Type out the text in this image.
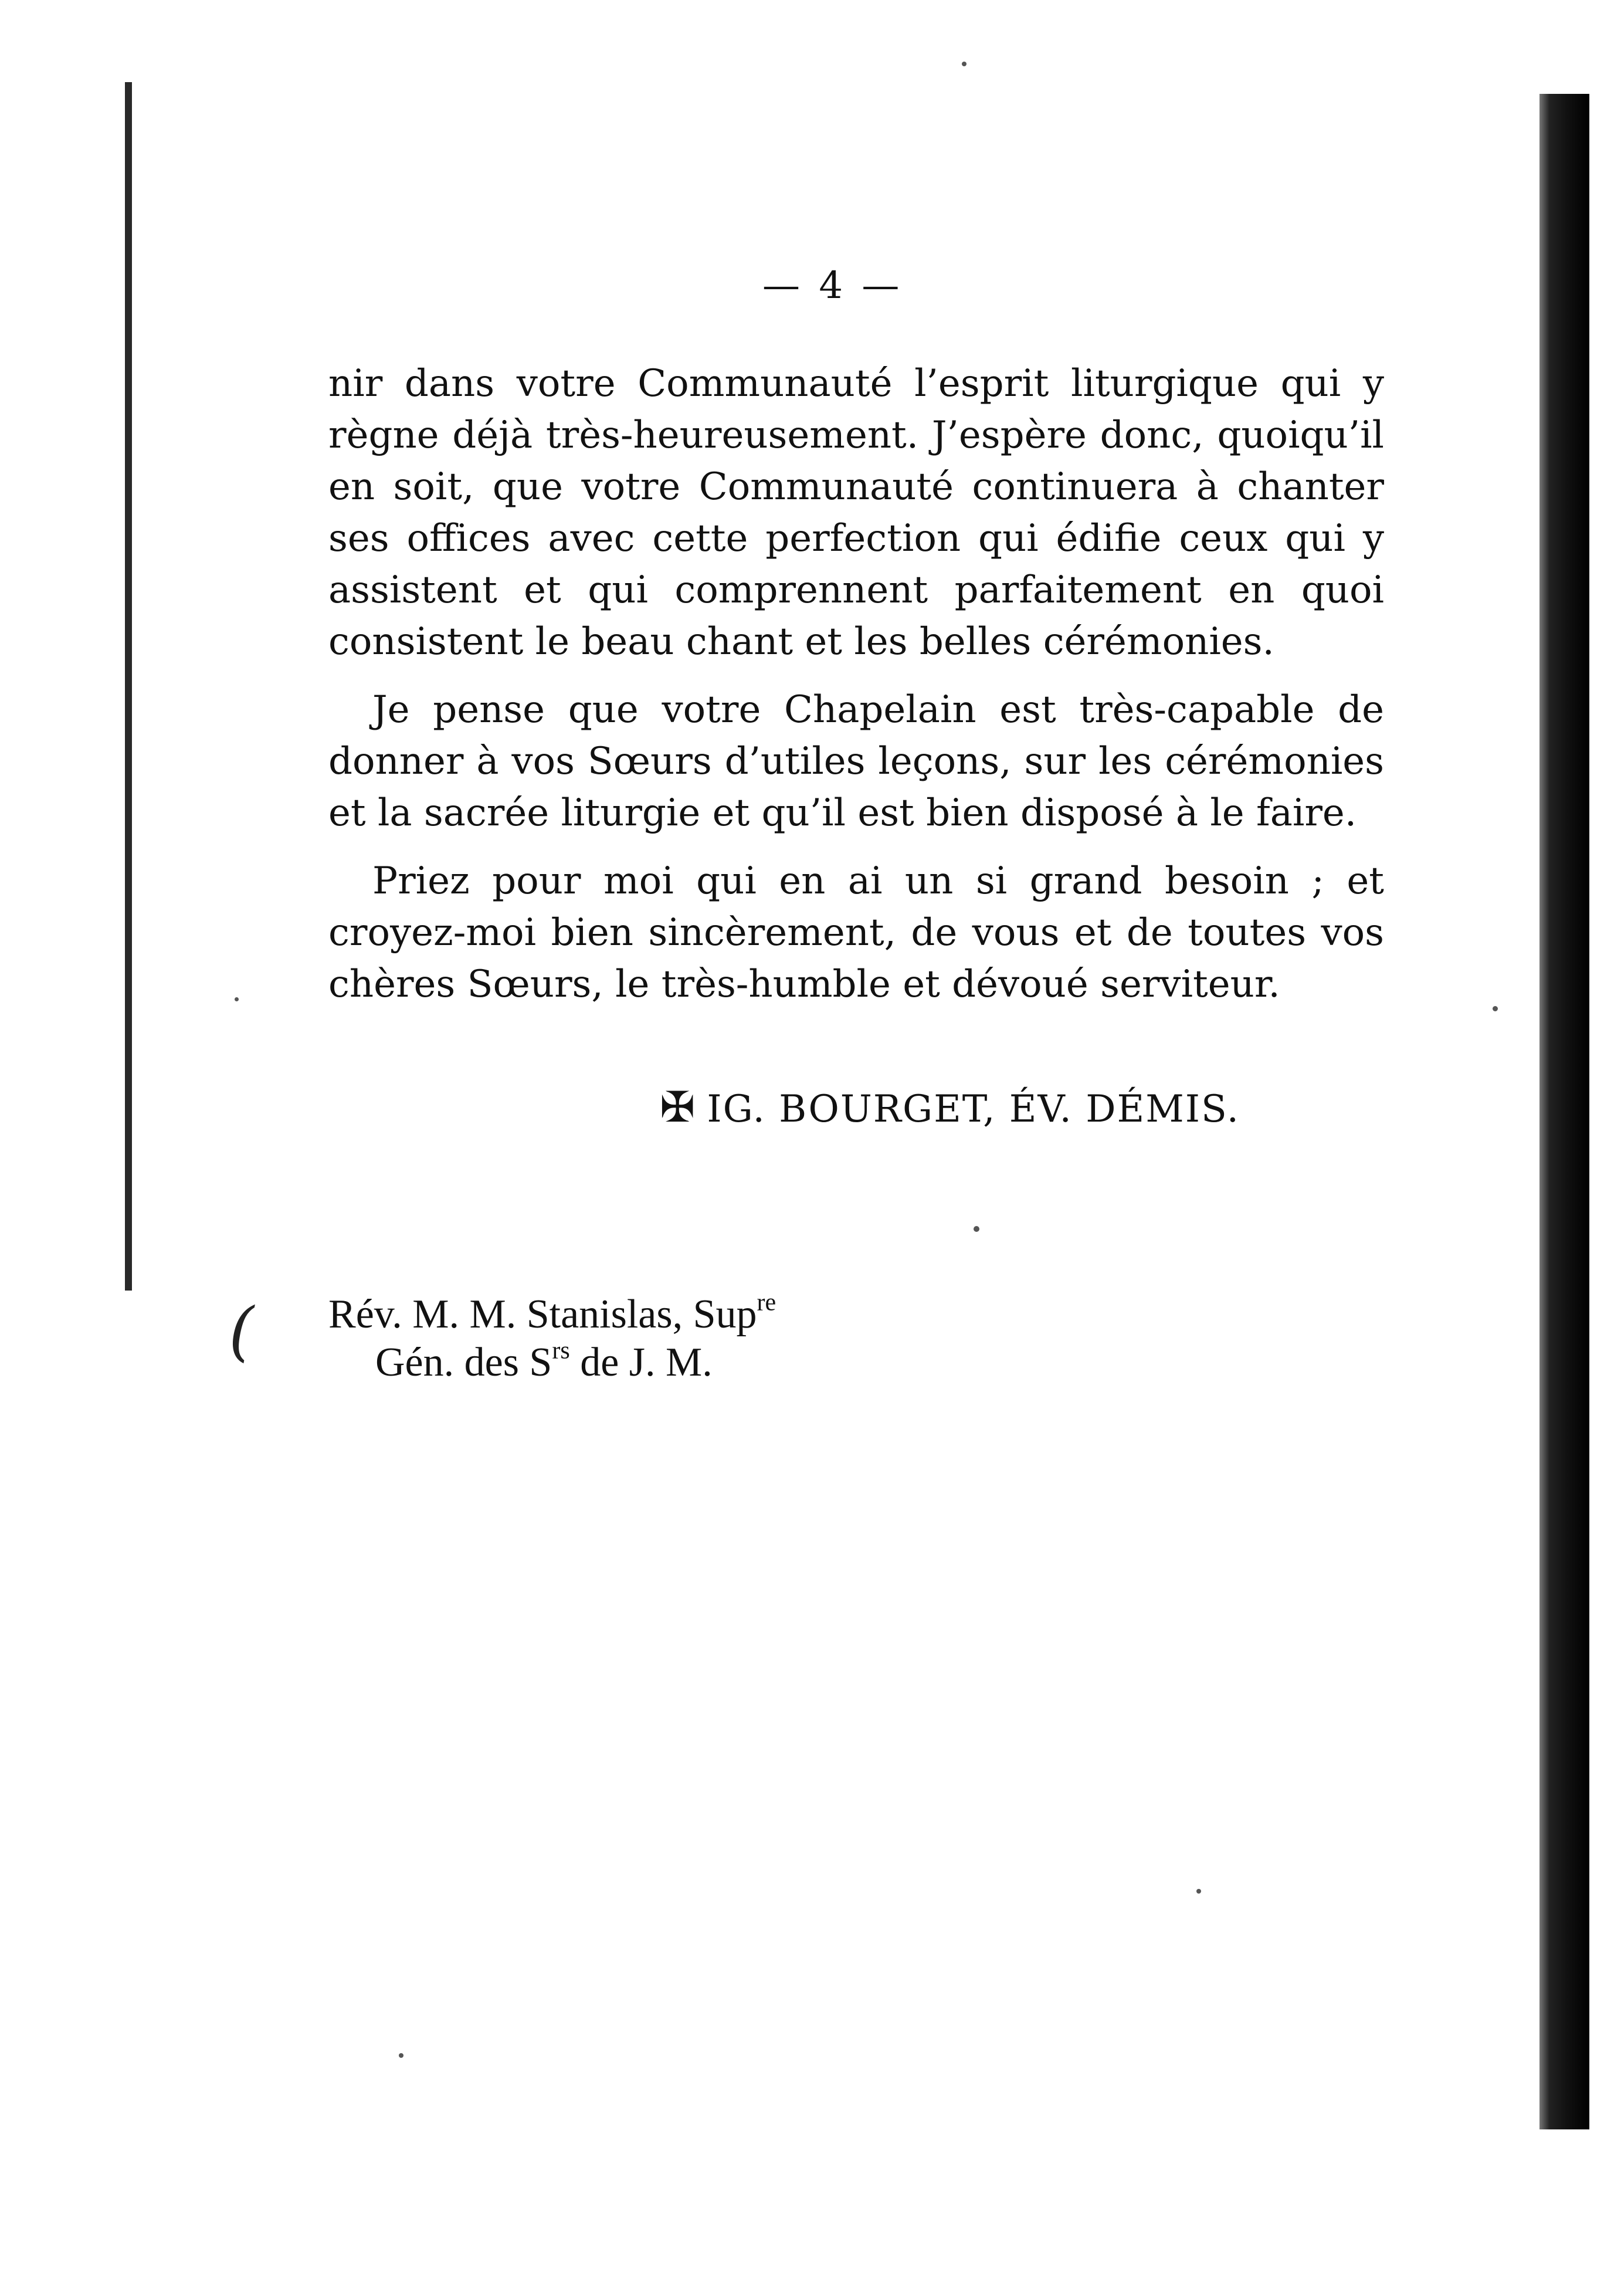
— 4 —

nir dans votre Communauté l’esprit liturgique qui y règne déjà très-heureusement. J’espère donc, quoiqu’il en soit, que votre Communauté continuera à chanter ses offices avec cette perfection qui édifie ceux qui y assistent et qui comprennent parfaitement en quoi consistent le beau chant et les belles cérémonies.

Je pense que votre Chapelain est très-capable de donner à vos Sœurs d’utiles leçons, sur les cérémonies et la sacrée liturgie et qu’il est bien disposé à le faire.

Priez pour moi qui en ai un si grand besoin ; et croyez-moi bien sincèrement, de vous et de toutes vos chères Sœurs, le très-humble et dévoué serviteur.

✠ IG. BOURGET, ÉV. DÉMIS.
( Rév. M. M. Stanislas, Sup$^{re}$
Gén. des $S^{rs}$ de J. M.
